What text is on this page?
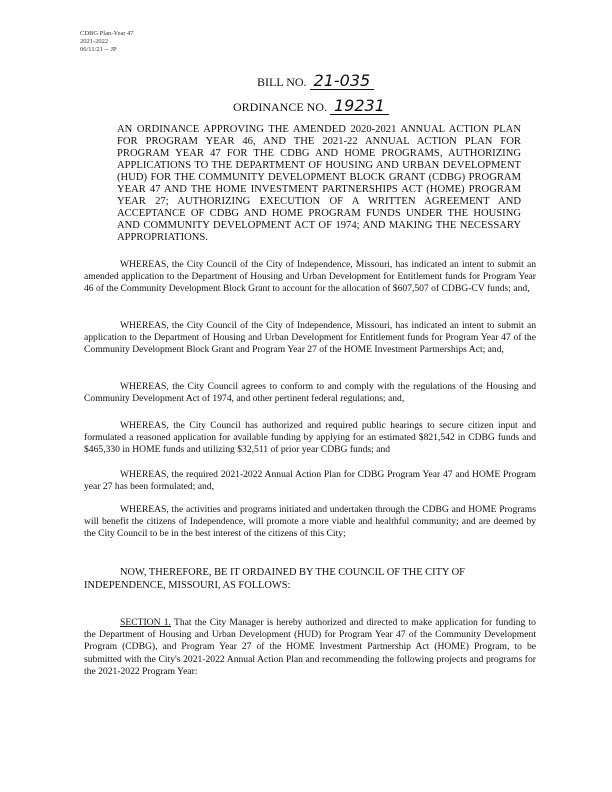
CDBG Plan-Year 47
2021-2022
06/11/21 -- JP
BILL NO. 21-035
ORDINANCE NO. 19231
AN ORDINANCE APPROVING THE AMENDED 2020-2021 ANNUAL ACTION PLAN FOR PROGRAM YEAR 46, AND THE 2021-22 ANNUAL ACTION PLAN FOR PROGRAM YEAR 47 FOR THE CDBG AND HOME PROGRAMS, AUTHORIZING APPLICATIONS TO THE DEPARTMENT OF HOUSING AND URBAN DEVELOPMENT (HUD) FOR THE COMMUNITY DEVELOPMENT BLOCK GRANT (CDBG) PROGRAM YEAR 47 AND THE HOME INVESTMENT PARTNERSHIPS ACT (HOME) PROGRAM YEAR 27; AUTHORIZING EXECUTION OF A WRITTEN AGREEMENT AND ACCEPTANCE OF CDBG AND HOME PROGRAM FUNDS UNDER THE HOUSING AND COMMUNITY DEVELOPMENT ACT OF 1974; AND MAKING THE NECESSARY APPROPRIATIONS.
WHEREAS, the City Council of the City of Independence, Missouri, has indicated an intent to submit an amended application to the Department of Housing and Urban Development for Entitlement funds for Program Year 46 of the Community Development Block Grant to account for the allocation of $607,507 of CDBG-CV funds; and,
WHEREAS, the City Council of the City of Independence, Missouri, has indicated an intent to submit an application to the Department of Housing and Urban Development for Entitlement funds for Program Year 47 of the Community Development Block Grant and Program Year 27 of the HOME Investment Partnerships Act; and,
WHEREAS, the City Council agrees to conform to and comply with the regulations of the Housing and Community Development Act of 1974, and other pertinent federal regulations; and,
WHEREAS, the City Council has authorized and required public hearings to secure citizen input and formulated a reasoned application for available funding by applying for an estimated $821,542 in CDBG funds and $465,330 in HOME funds and utilizing $32,511 of prior year CDBG funds; and
WHEREAS, the required 2021-2022 Annual Action Plan for CDBG Program Year 47 and HOME Program year 27 has been formulated; and,
WHEREAS, the activities and programs initiated and undertaken through the CDBG and HOME Programs will benefit the citizens of Independence, will promote a more viable and healthful community; and are deemed by the City Council to be in the best interest of the citizens of this City;
NOW, THEREFORE, BE IT ORDAINED BY THE COUNCIL OF THE CITY OF INDEPENDENCE, MISSOURI, AS FOLLOWS:
SECTION 1. That the City Manager is hereby authorized and directed to make application for funding to the Department of Housing and Urban Development (HUD) for Program Year 47 of the Community Development Program (CDBG), and Program Year 27 of the HOME Investment Partnership Act (HOME) Program, to be submitted with the City's 2021-2022 Annual Action Plan and recommending the following projects and programs for the 2021-2022 Program Year:
